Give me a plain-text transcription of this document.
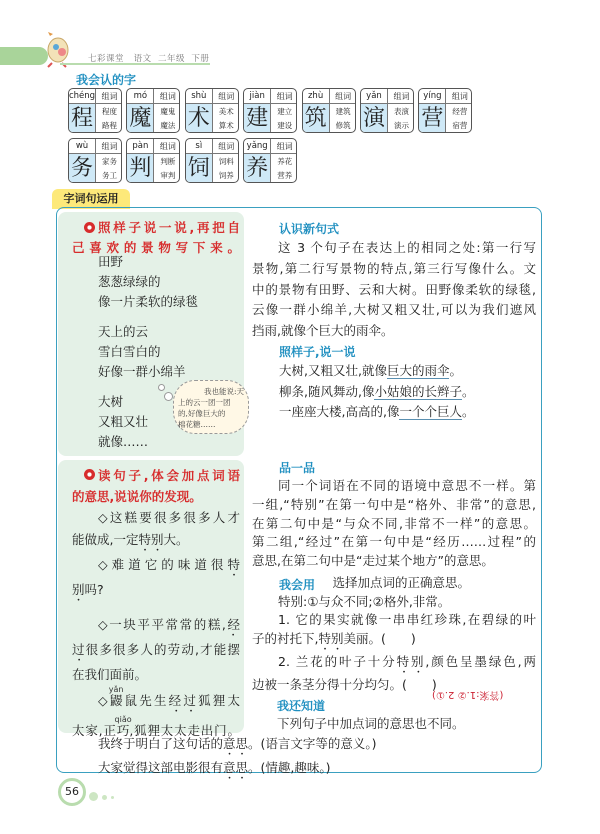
七彩课堂   语文  二年级  下册
我会认的字
chéng 组词
程	程度
路程
mó	组词
魔	魔鬼
魔法
shù	组词
术	美术
算术
jiàn	组词
建	建立
建设
zhù	组词
筑	建筑
修筑
yǎn	组词
演	表演
演示
yíng	组词
营	经营
宿营
wù	组词
务	家务
务工
pàn	组词
判	判断
审判
sì	组词
饲	饲料
饲养
yǎng	组词
养	养花
营养
字词句运用
照样子说一说,再把自
己喜欢的景物写下来。
田野
葱葱绿绿的
像一片柔软的绿毯
天上的云
雪白雪白的
好像一群小绵羊
大树
又粗又壮
就像……
我也能说:天
上的云一团一团
的,好像巨大的
棉花糖……
读句子,体会加点词语
的意思,说说你的发现。
◇这糕要很多很多人才
能做成,一定特别大。
◇难道它的味道很特
别吗?
◇一块平平常常的糕,经
过很多很多人的劳动,才能摆
在我们面前。
◇鼹yǎn鼠先生经过狐狸太
太家,正巧qiǎo,狐狸太太走出门。
认识新句式
这 3 个句子在表达上的相同之处:第一行写
景物,第二行写景物的特点,第三行写像什么。文
中的景物有田野、云和大树。田野像柔软的绿毯,
云像一群小绵羊,大树又粗又壮,可以为我们遮风
挡雨,就像个巨大的雨伞。
照样子,说一说
大树,又粗又壮,就像巨大的雨伞。
柳条,随风舞动,像小姑娘的长辫子。
一座座大楼,高高的,像一个个巨人。
品一品
同一个词语在不同的语境中意思不一样。第
一组,“特别”在第一句中是“格外、非常”的意思,
在第二句中是“与众不同,非常不一样”的意思。
第二组,“经过”在第一句中是“经历……过程”的
意思,在第二句中是“走过某个地方”的意思。
我会用 　选择加点词的正确意思。
特别:①与众不同;②格外,非常。
1. 它的果实就像一串串红珍珠,在碧绿的叶
子的衬托下,特别美丽。(　　)
2. 兰花的叶子十分特别,颜色呈墨绿色,两
边被一条茎分得十分均匀。(　　)
(答案:1.② 2.①)
我还知道
下列句子中加点词的意思也不同。
我终于明白了这句话的意思。(语言文字等的意义。)
大家觉得这部电影很有意思。(情趣,趣味。)
56
